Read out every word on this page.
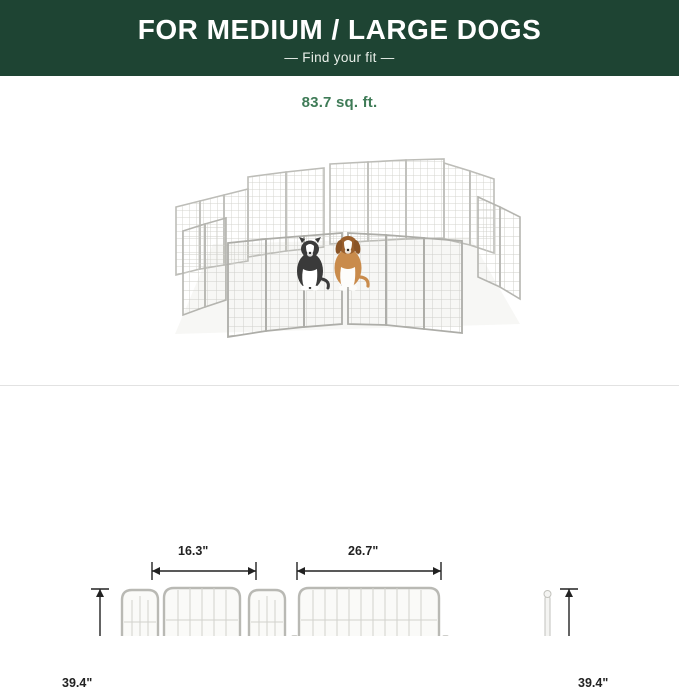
FOR MEDIUM / LARGE DOGS
— Find your fit —
83.7 sq. ft.
16.3"	26.7"
39.4"	39.4"
